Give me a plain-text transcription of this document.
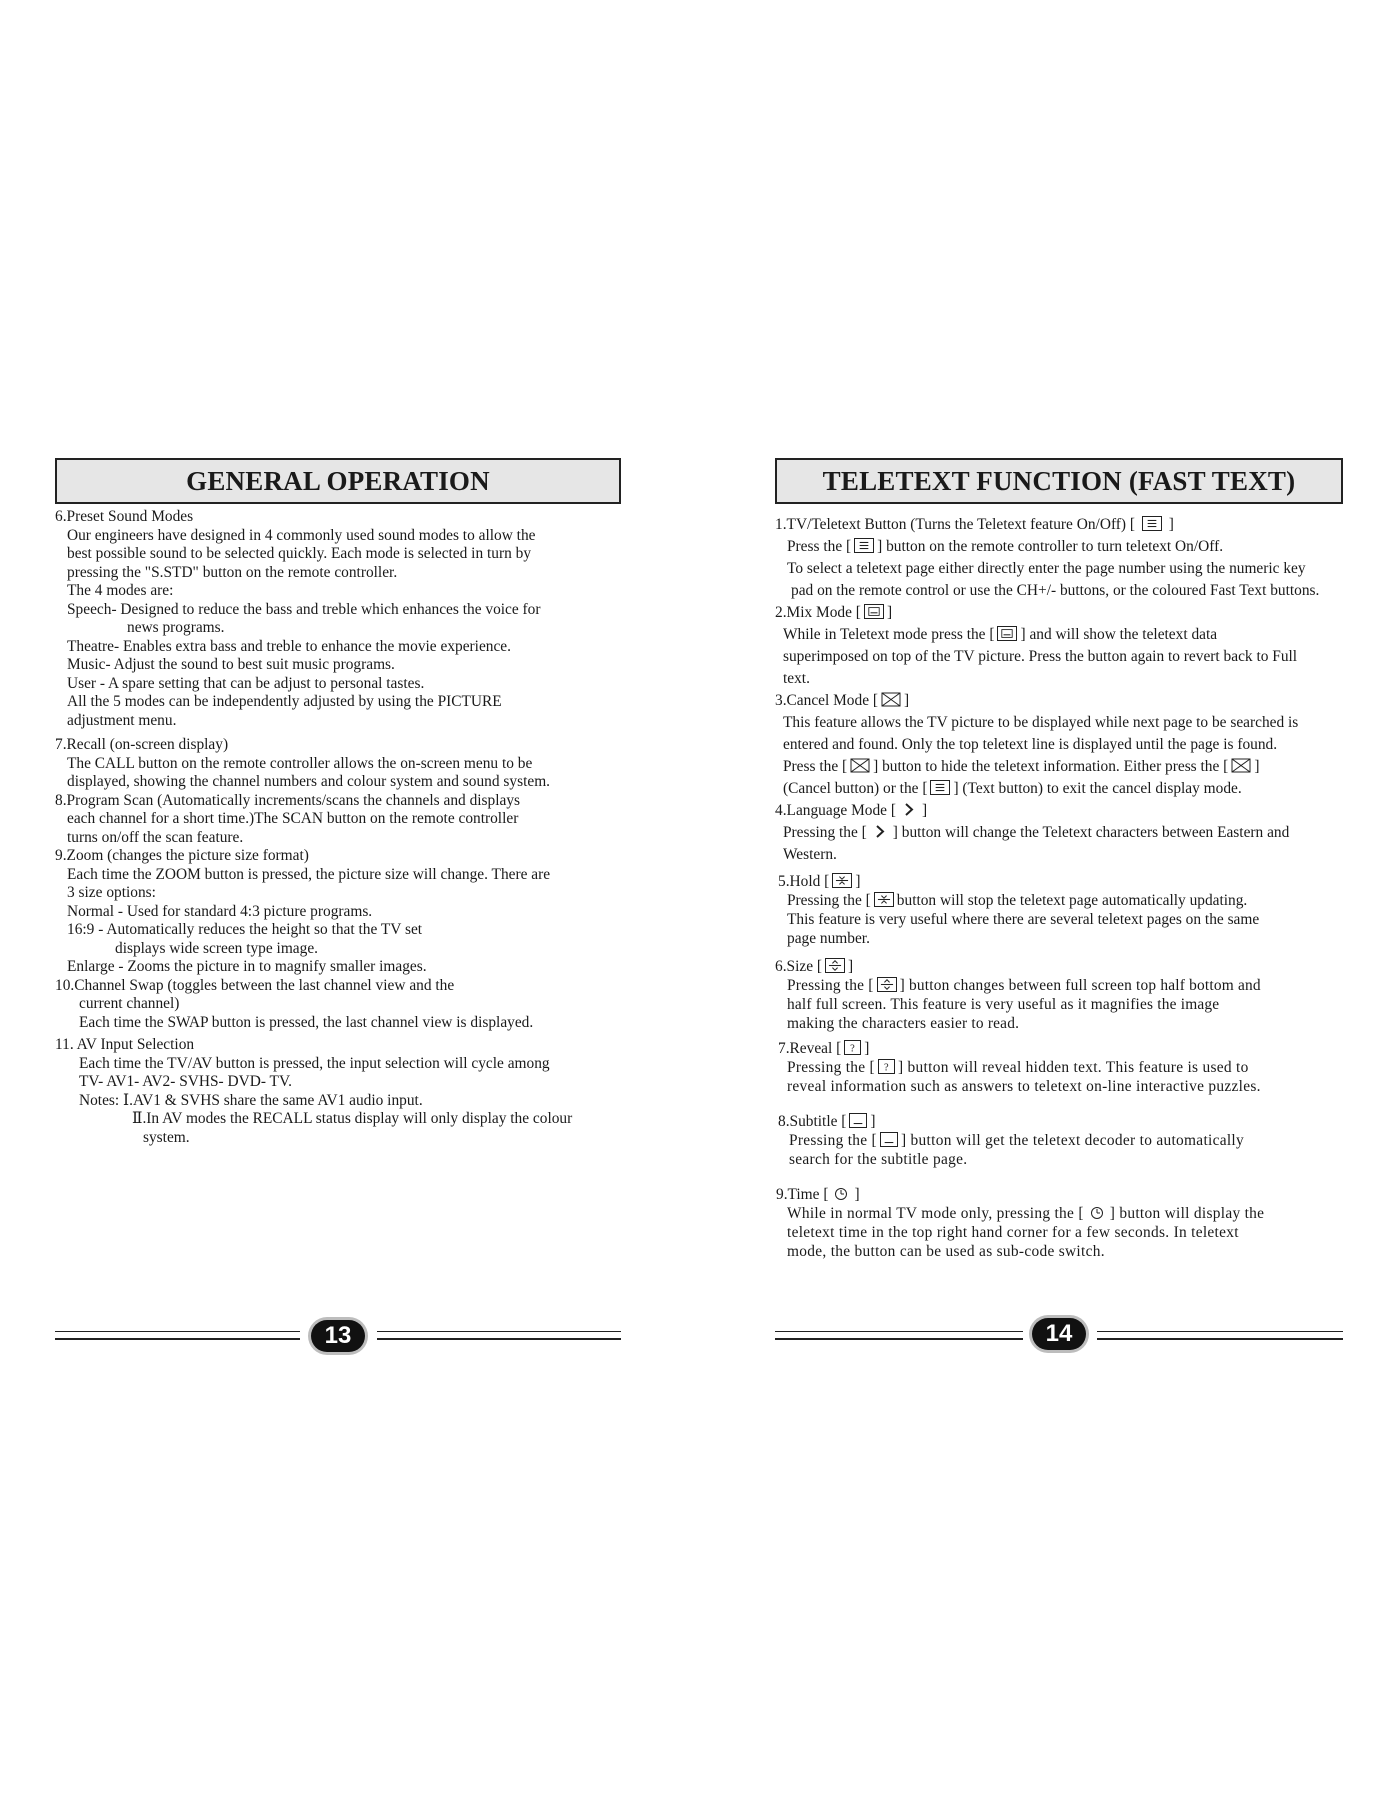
GENERAL OPERATION
6.Preset Sound Modes
Our engineers have designed in 4 commonly used sound modes to allow the
best possible sound to be selected quickly. Each mode is selected in turn by
pressing the "S.STD" button on the remote controller.
The 4 modes are:
Speech- Designed to reduce the bass and treble which enhances the voice for
news programs.
Theatre- Enables extra bass and treble to enhance the movie experience.
Music- Adjust the sound to best suit music programs.
User - A spare setting that can be adjust to personal tastes.
All the 5 modes can be independently adjusted by using the PICTURE
adjustment menu.
7.Recall (on-screen display)
The CALL button on the remote controller allows the on-screen menu to be
displayed, showing the channel numbers and colour system and sound system.
8.Program Scan (Automatically increments/scans the channels and displays
each channel for a short time.)The SCAN button on the remote controller
turns on/off the scan feature.
9.Zoom (changes the picture size format)
Each time the ZOOM button is pressed, the picture size will change. There are
3 size options:
Normal - Used for standard 4:3 picture programs.
16:9 - Automatically reduces the height so that the TV set
displays wide screen type image.
Enlarge - Zooms the picture in to magnify smaller images.
10.Channel Swap (toggles between the last channel view and the
current channel)
Each time the SWAP button is pressed, the last channel view is displayed.
11. AV Input Selection
Each time the TV/AV button is pressed, the input selection will cycle among
TV- AV1- AV2- SVHS- DVD- TV.
Notes: Ⅰ.AV1 & SVHS share the same AV1 audio input.
Ⅱ.In AV modes the RECALL status display will only display the colour
system.
TELETEXT FUNCTION (FAST TEXT)
1.TV/Teletext Button (Turns the Teletext feature On/Off) [ ]
Press the [ ] button on the remote controller to turn teletext On/Off.
To select a teletext page either directly enter the page number using the numeric key
pad on the remote control or use the CH+/- buttons, or the coloured Fast Text buttons.
2.Mix Mode [ ]
While in Teletext mode press the [ ] and will show the teletext data
superimposed on top of the TV picture. Press the button again to revert back to Full
text.
3.Cancel Mode [ ]
This feature allows the TV picture to be displayed while next page to be searched is
entered and found. Only the top teletext line is displayed until the page is found.
Press the [ ] button to hide the teletext information. Either press the [ ]
(Cancel button) or the [ ] (Text button) to exit the cancel display mode.
4.Language Mode [ ]
Pressing the [ ] button will change the Teletext characters between Eastern and
Western.
5.Hold [ ]
Pressing the [ button will stop the teletext page automatically updating.
This feature is very useful where there are several teletext pages on the same
page number.
6.Size [ ]
Pressing the [ ] button changes between full screen top half bottom and
half full screen. This feature is very useful as it magnifies the image
making the characters easier to read.
7.Reveal [ ? ]
Pressing the [ ? ] button will reveal hidden text. This feature is used to
reveal information such as answers to teletext on-line interactive puzzles.
8.Subtitle [ ]
Pressing the [ ] button will get the teletext decoder to automatically
search for the subtitle page.
9.Time [ ]
While in normal TV mode only, pressing the [ ] button will display the
teletext time in the top right hand corner for a few seconds. In teletext
mode, the button can be used as sub-code switch.
13	14
